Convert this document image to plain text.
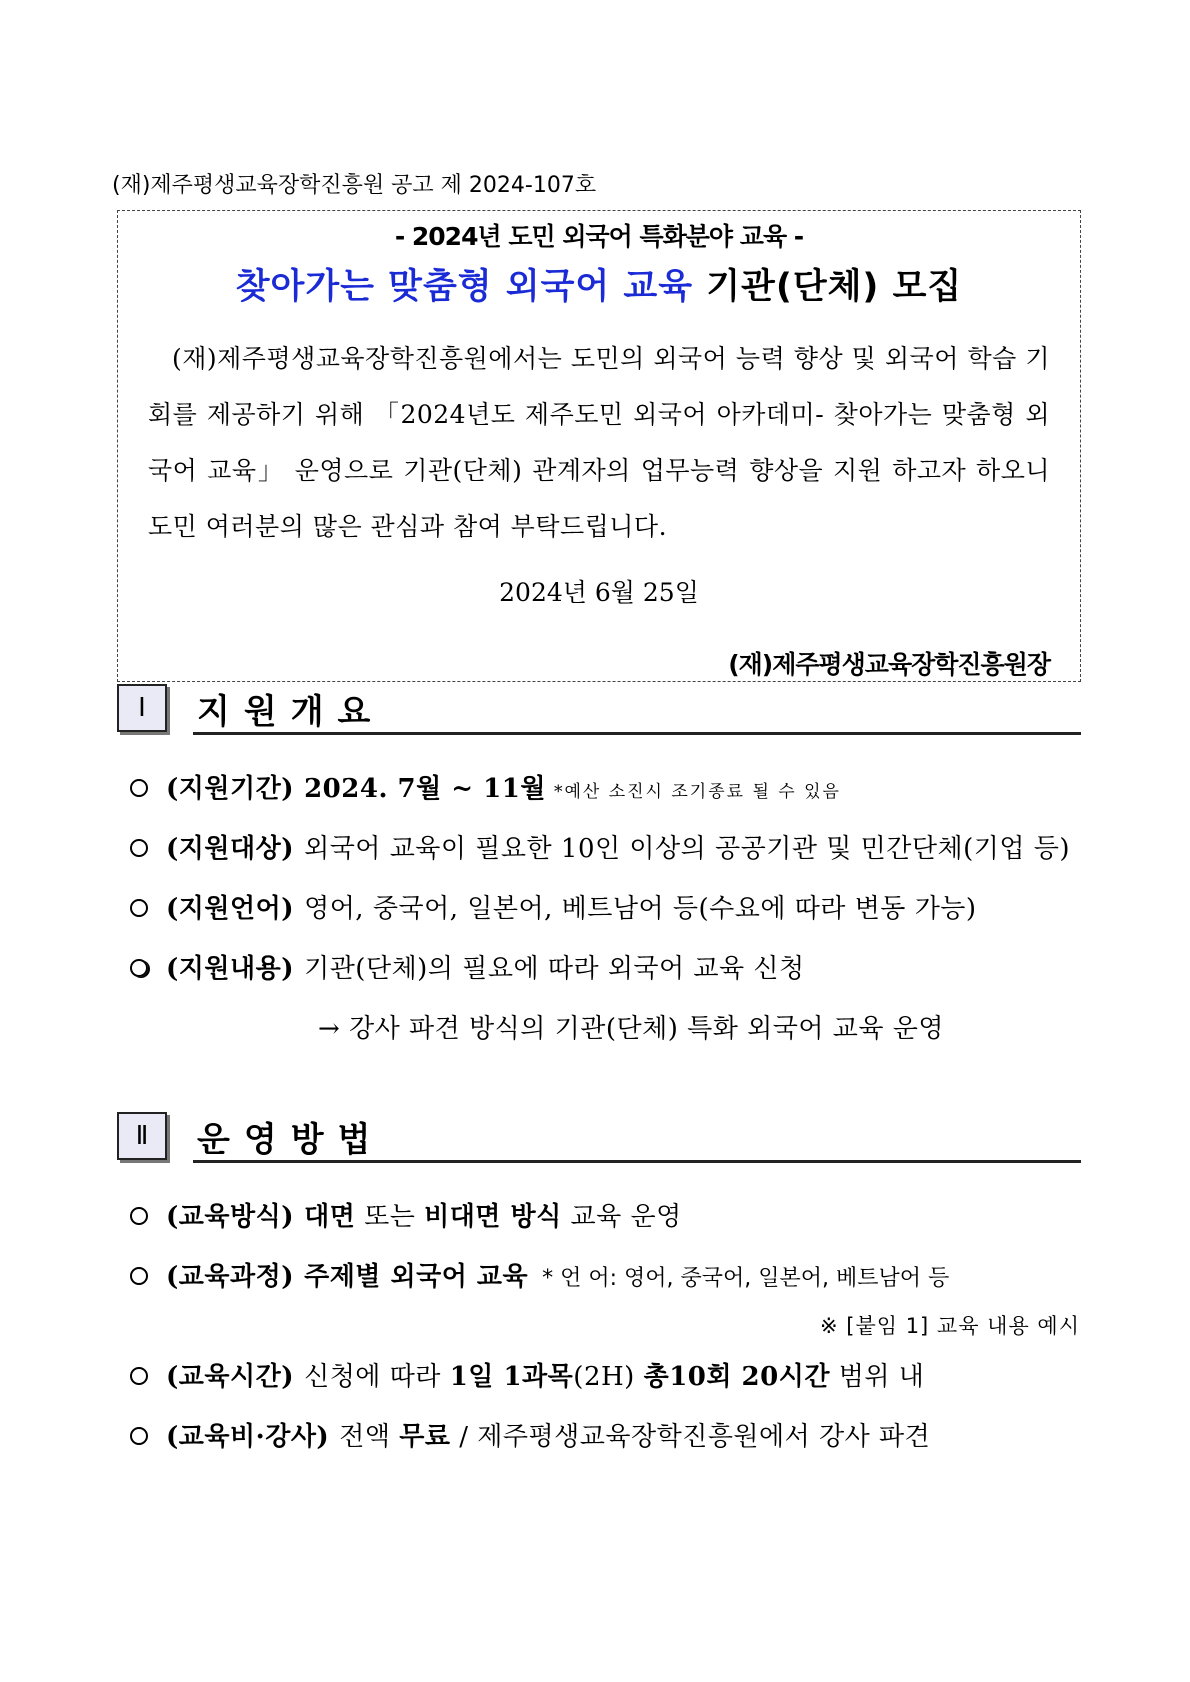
(재)제주평생교육장학진흥원 공고 제 2024-107호
- 2024년 도민 외국어 특화분야 교육 -
찾아가는 맞춤형 외국어 교육 기관(단체) 모집
(재)제주평생교육장학진흥원에서는 도민의 외국어 능력 향상 및 외국어 학습 기회를 제공하기 위해 「2024년도 제주도민 외국어 아카데미- 찾아가는 맞춤형 외국어 교육」 운영으로 기관(단체) 관계자의 업무능력 향상을 지원 하고자 하오니 도민 여러분의 많은 관심과 참여 부탁드립니다.
2024년 6월 25일
(재)제주평생교육장학진흥원장
Ⅰ	지원개요
(지원기간) 2024. 7월 ~ 11월 *예산 소진시 조기종료 될 수 있음
(지원대상) 외국어 교육이 필요한 10인 이상의 공공기관 및 민간단체(기업 등)
(지원언어) 영어, 중국어, 일본어, 베트남어 등(수요에 따라 변동 가능)
(지원내용) 기관(단체)의 필요에 따라 외국어 교육 신청
→ 강사 파견 방식의 기관(단체) 특화 외국어 교육 운영
Ⅱ	운영방법
(교육방식) 대면 또는 비대면 방식 교육 운영
(교육과정) 주제별 외국어 교육 * 언 어: 영어, 중국어, 일본어, 베트남어 등
※ [붙임 1] 교육 내용 예시
(교육시간) 신청에 따라 1일 1과목(2H) 총10회 20시간 범위 내
(교육비·강사) 전액 무료 / 제주평생교육장학진흥원에서 강사 파견
